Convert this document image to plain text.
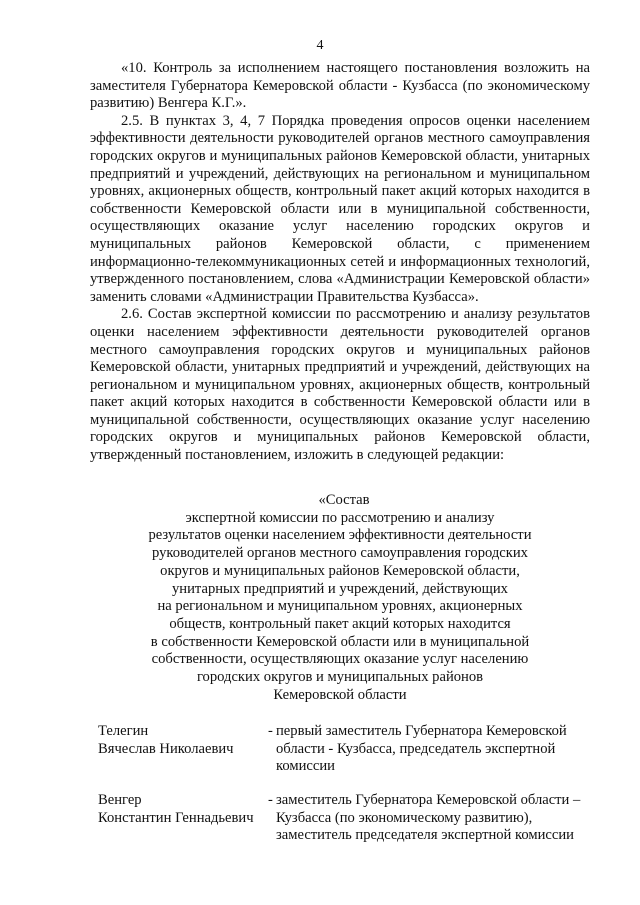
4

«10. Контроль за исполнением настоящего постановления возложить на заместителя Губернатора Кемеровской области - Кузбасса (по экономическому развитию) Венгера К.Г.».

2.5. В пунктах 3, 4, 7 Порядка проведения опросов оценки населением эффективности деятельности руководителей органов местного самоуправления городских округов и муниципальных районов Кемеровской области, унитарных предприятий и учреждений, действующих на региональном и муниципальном уровнях, акционерных обществ, контрольный пакет акций которых находится в собственности Кемеровской области или в муниципальной собственности, осуществляющих оказание услуг населению городских округов и муниципальных районов Кемеровской области, с применением информационно-телекоммуникационных сетей и информационных технологий, утвержденного постановлением, слова «Администрации Кемеровской области» заменить словами «Администрации Правительства Кузбасса».

2.6. Состав экспертной комиссии по рассмотрению и анализу результатов оценки населением эффективности деятельности руководителей органов местного самоуправления городских округов и муниципальных районов Кемеровской области, унитарных предприятий и учреждений, действующих на региональном и муниципальном уровнях, акционерных обществ, контрольный пакет акций которых находится в собственности Кемеровской области или в муниципальной собственности, осуществляющих оказание услуг населению городских округов и муниципальных районов Кемеровской области, утвержденный постановлением, изложить в следующей редакции:

«Состав
экспертной комиссии по рассмотрению и анализу
результатов оценки населением эффективности деятельности
руководителей органов местного самоуправления городских
округов и муниципальных районов Кемеровской области,
унитарных предприятий и учреждений, действующих
на региональном и муниципальном уровнях, акционерных
обществ, контрольный пакет акций которых находится
в собственности Кемеровской области или в муниципальной
собственности, осуществляющих оказание услуг населению
городских округов и муниципальных районов
Кемеровской области
Телегин
Вячеслав Николаевич
- первый заместитель Губернатора Кемеровской
области - Кузбасса, председатель экспертной
комиссии
Венгер
Константин Геннадьевич
- заместитель Губернатора Кемеровской области –
Кузбасса (по экономическому развитию),
заместитель председателя экспертной комиссии
